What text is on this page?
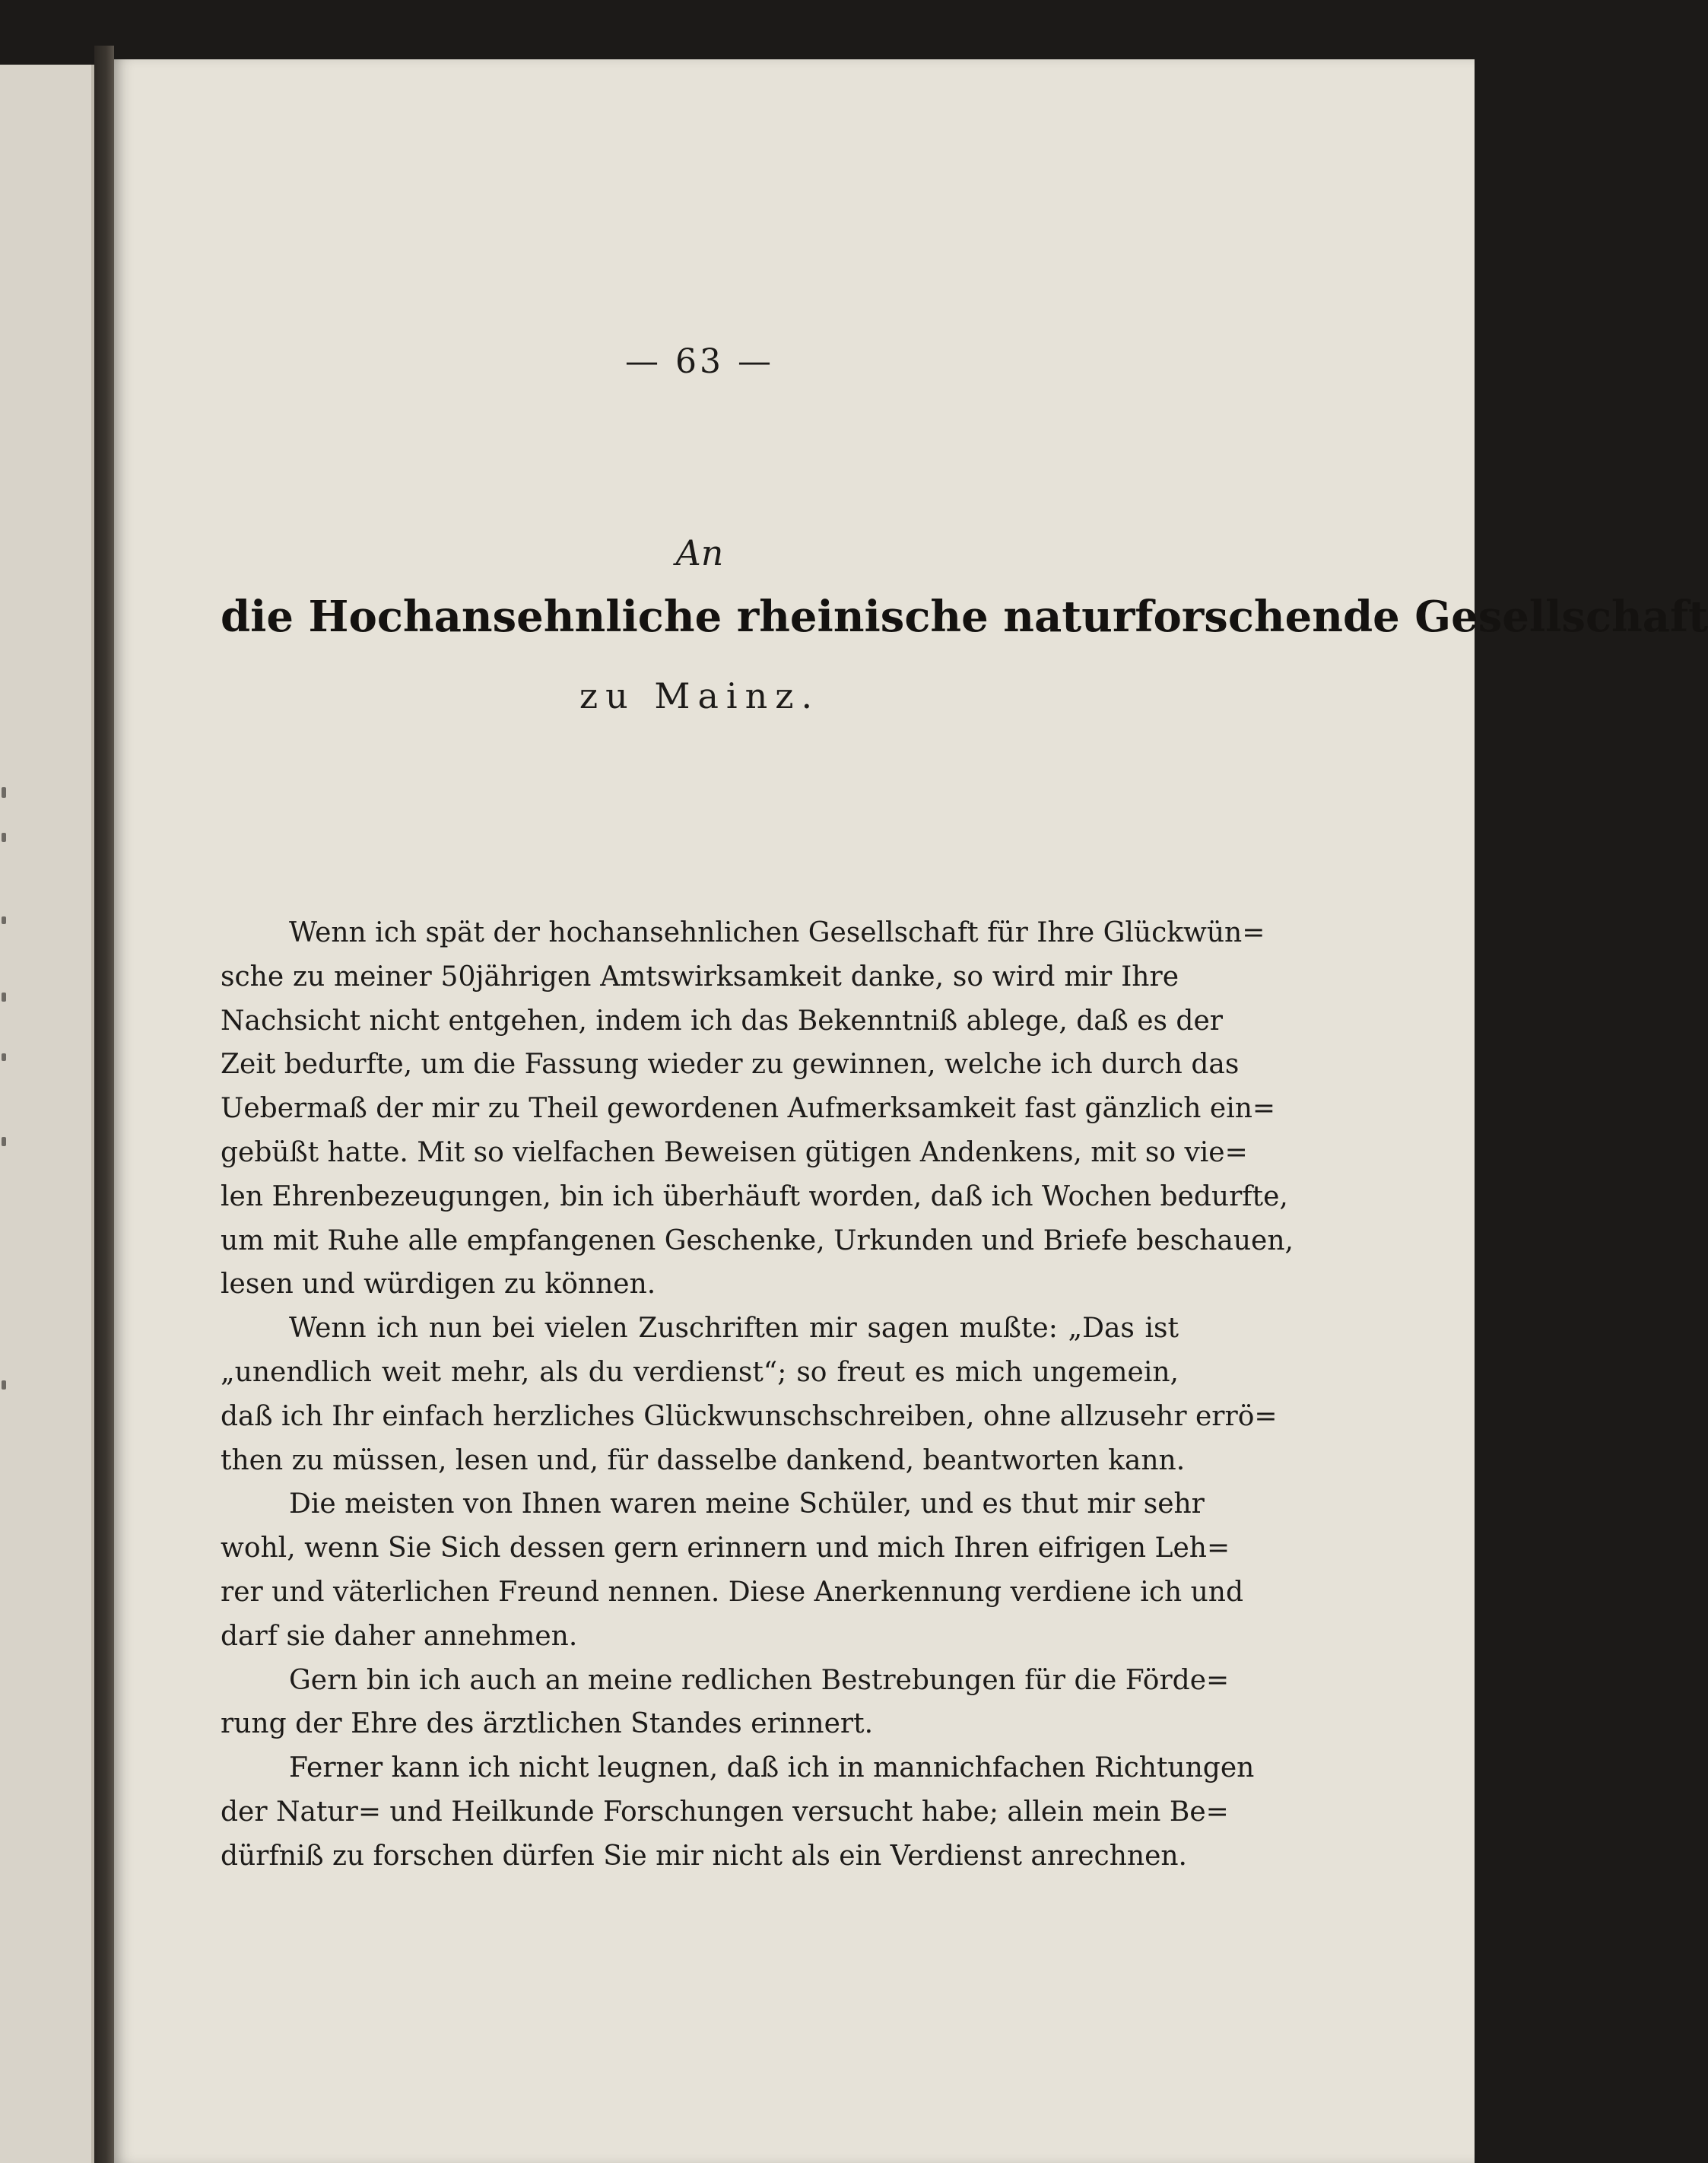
— 63 —
An
die Hochansehnliche rheinische naturforschende Gesellschaft
zu Mainz.
Wenn ich spät der hochansehnlichen Gesellschaft für Ihre Glückwün=
sche zu meiner 50jährigen Amtswirksamkeit danke, so wird mir Ihre
Nachsicht nicht entgehen, indem ich das Bekenntniß ablege, daß es der
Zeit bedurfte, um die Fassung wieder zu gewinnen, welche ich durch das
Uebermaß der mir zu Theil gewordenen Aufmerksamkeit fast gänzlich ein=
gebüßt hatte. Mit so vielfachen Beweisen gütigen Andenkens, mit so vie=
len Ehrenbezeugungen, bin ich überhäuft worden, daß ich Wochen bedurfte,
um mit Ruhe alle empfangenen Geschenke, Urkunden und Briefe beschauen,
lesen und würdigen zu können.
Wenn ich nun bei vielen Zuschriften mir sagen mußte: „Das ist
„unendlich weit mehr, als du verdienst“; so freut es mich ungemein,
daß ich Ihr einfach herzliches Glückwunschschreiben, ohne allzusehr errö=
then zu müssen, lesen und, für dasselbe dankend, beantworten kann.
Die meisten von Ihnen waren meine Schüler, und es thut mir sehr
wohl, wenn Sie Sich dessen gern erinnern und mich Ihren eifrigen Leh=
rer und väterlichen Freund nennen. Diese Anerkennung verdiene ich und
darf sie daher annehmen.
Gern bin ich auch an meine redlichen Bestrebungen für die Förde=
rung der Ehre des ärztlichen Standes erinnert.
Ferner kann ich nicht leugnen, daß ich in mannichfachen Richtungen
der Natur= und Heilkunde Forschungen versucht habe; allein mein Be=
dürfniß zu forschen dürfen Sie mir nicht als ein Verdienst anrechnen.
